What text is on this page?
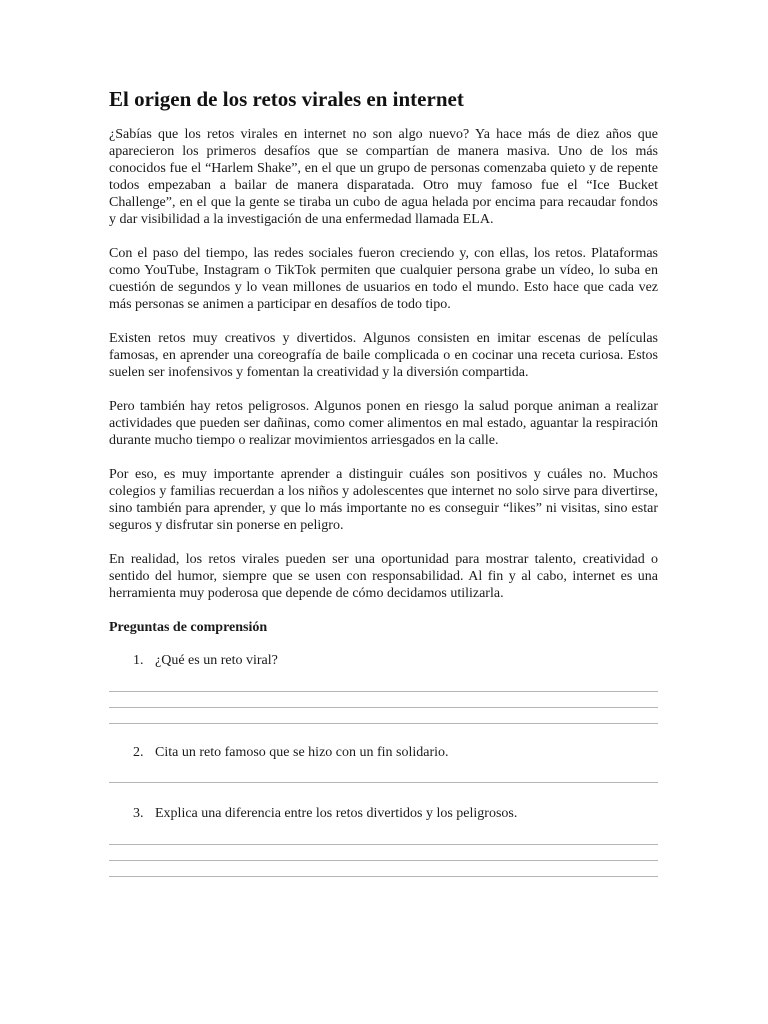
El origen de los retos virales en internet

¿Sabías que los retos virales en internet no son algo nuevo? Ya hace más de diez años que aparecieron los primeros desafíos que se compartían de manera masiva. Uno de los más conocidos fue el “Harlem Shake”, en el que un grupo de personas comenzaba quieto y de repente todos empezaban a bailar de manera disparatada. Otro muy famoso fue el “Ice Bucket Challenge”, en el que la gente se tiraba un cubo de agua helada por encima para recaudar fondos y dar visibilidad a la investigación de una enfermedad llamada ELA.

Con el paso del tiempo, las redes sociales fueron creciendo y, con ellas, los retos. Plataformas como YouTube, Instagram o TikTok permiten que cualquier persona grabe un vídeo, lo suba en cuestión de segundos y lo vean millones de usuarios en todo el mundo. Esto hace que cada vez más personas se animen a participar en desafíos de todo tipo.

Existen retos muy creativos y divertidos. Algunos consisten en imitar escenas de películas famosas, en aprender una coreografía de baile complicada o en cocinar una receta curiosa. Estos suelen ser inofensivos y fomentan la creatividad y la diversión compartida.

Pero también hay retos peligrosos. Algunos ponen en riesgo la salud porque animan a realizar actividades que pueden ser dañinas, como comer alimentos en mal estado, aguantar la respiración durante mucho tiempo o realizar movimientos arriesgados en la calle.

Por eso, es muy importante aprender a distinguir cuáles son positivos y cuáles no. Muchos colegios y familias recuerdan a los niños y adolescentes que internet no solo sirve para divertirse, sino también para aprender, y que lo más importante no es conseguir “likes” ni visitas, sino estar seguros y disfrutar sin ponerse en peligro.

En realidad, los retos virales pueden ser una oportunidad para mostrar talento, creatividad o sentido del humor, siempre que se usen con responsabilidad. Al fin y al cabo, internet es una herramienta muy poderosa que depende de cómo decidamos utilizarla.

Preguntas de comprensión
1. ¿Qué es un reto viral?
2. Cita un reto famoso que se hizo con un fin solidario.
3. Explica una diferencia entre los retos divertidos y los peligrosos.
